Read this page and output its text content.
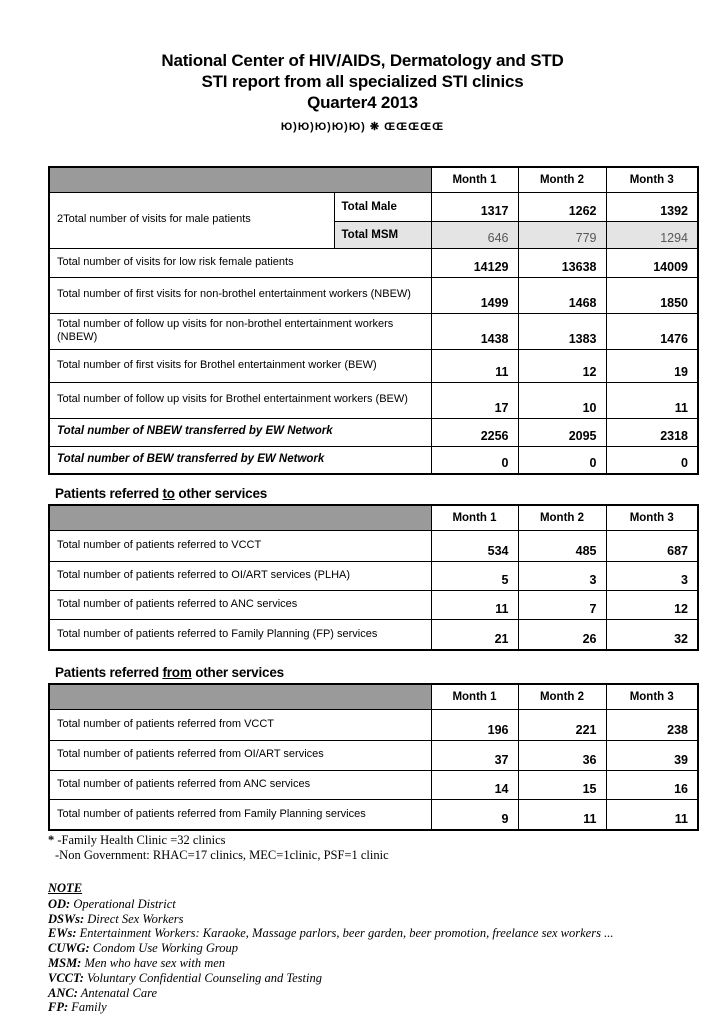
National Center of HIV/AIDS, Dermatology and STD
STI report from all specialized STI clinics
Quarter4 2013
Ю)Ю)Ю)Ю)Ю) ❋ ŒŒŒŒŒ
		Month 1	Month 2	Month 3
2Total number of visits for male patients	Total Male	1317	1262	1392
	Total MSM	646	779	1294
Total number of visits for low risk female patients		14129	13638	14009
Total number of first visits for non-brothel entertainment workers (NBEW)		1499	1468	1850
Total number of follow up visits for non-brothel entertainment workers (NBEW)		1438	1383	1476
Total number of first visits for Brothel entertainment worker (BEW)		11	12	19
Total number of follow up visits for Brothel entertainment workers (BEW)		17	10	11
Total number of NBEW transferred by EW Network		2256	2095	2318
Total number of BEW transferred by EW Network		0	0	0
Patients referred to other services
	Month 1	Month 2	Month 3
Total number of patients referred to VCCT	534	485	687
Total number of patients referred to OI/ART services (PLHA)	5	3	3
Total number of patients referred to ANC services	11	7	12
Total number of patients referred to Family Planning (FP) services	21	26	32
Patients referred from other services
	Month 1	Month 2	Month 3
Total number of patients referred from VCCT	196	221	238
Total number of patients referred from OI/ART services	37	36	39
Total number of patients referred from ANC services	14	15	16
Total number of patients referred from Family Planning services	9	11	11
* -Family Health Clinic =32 clinics
-Non Government: RHAC=17 clinics, MEC=1clinic, PSF=1 clinic
NOTE
OD: Operational District
DSWs: Direct Sex Workers
EWs: Entertainment Workers: Karaoke, Massage parlors, beer garden, beer promotion, freelance sex workers ...
CUWG: Condom Use Working Group
MSM: Men who have sex with men
VCCT: Voluntary Confidential Counseling and Testing
ANC: Antenatal Care
FP: Family
